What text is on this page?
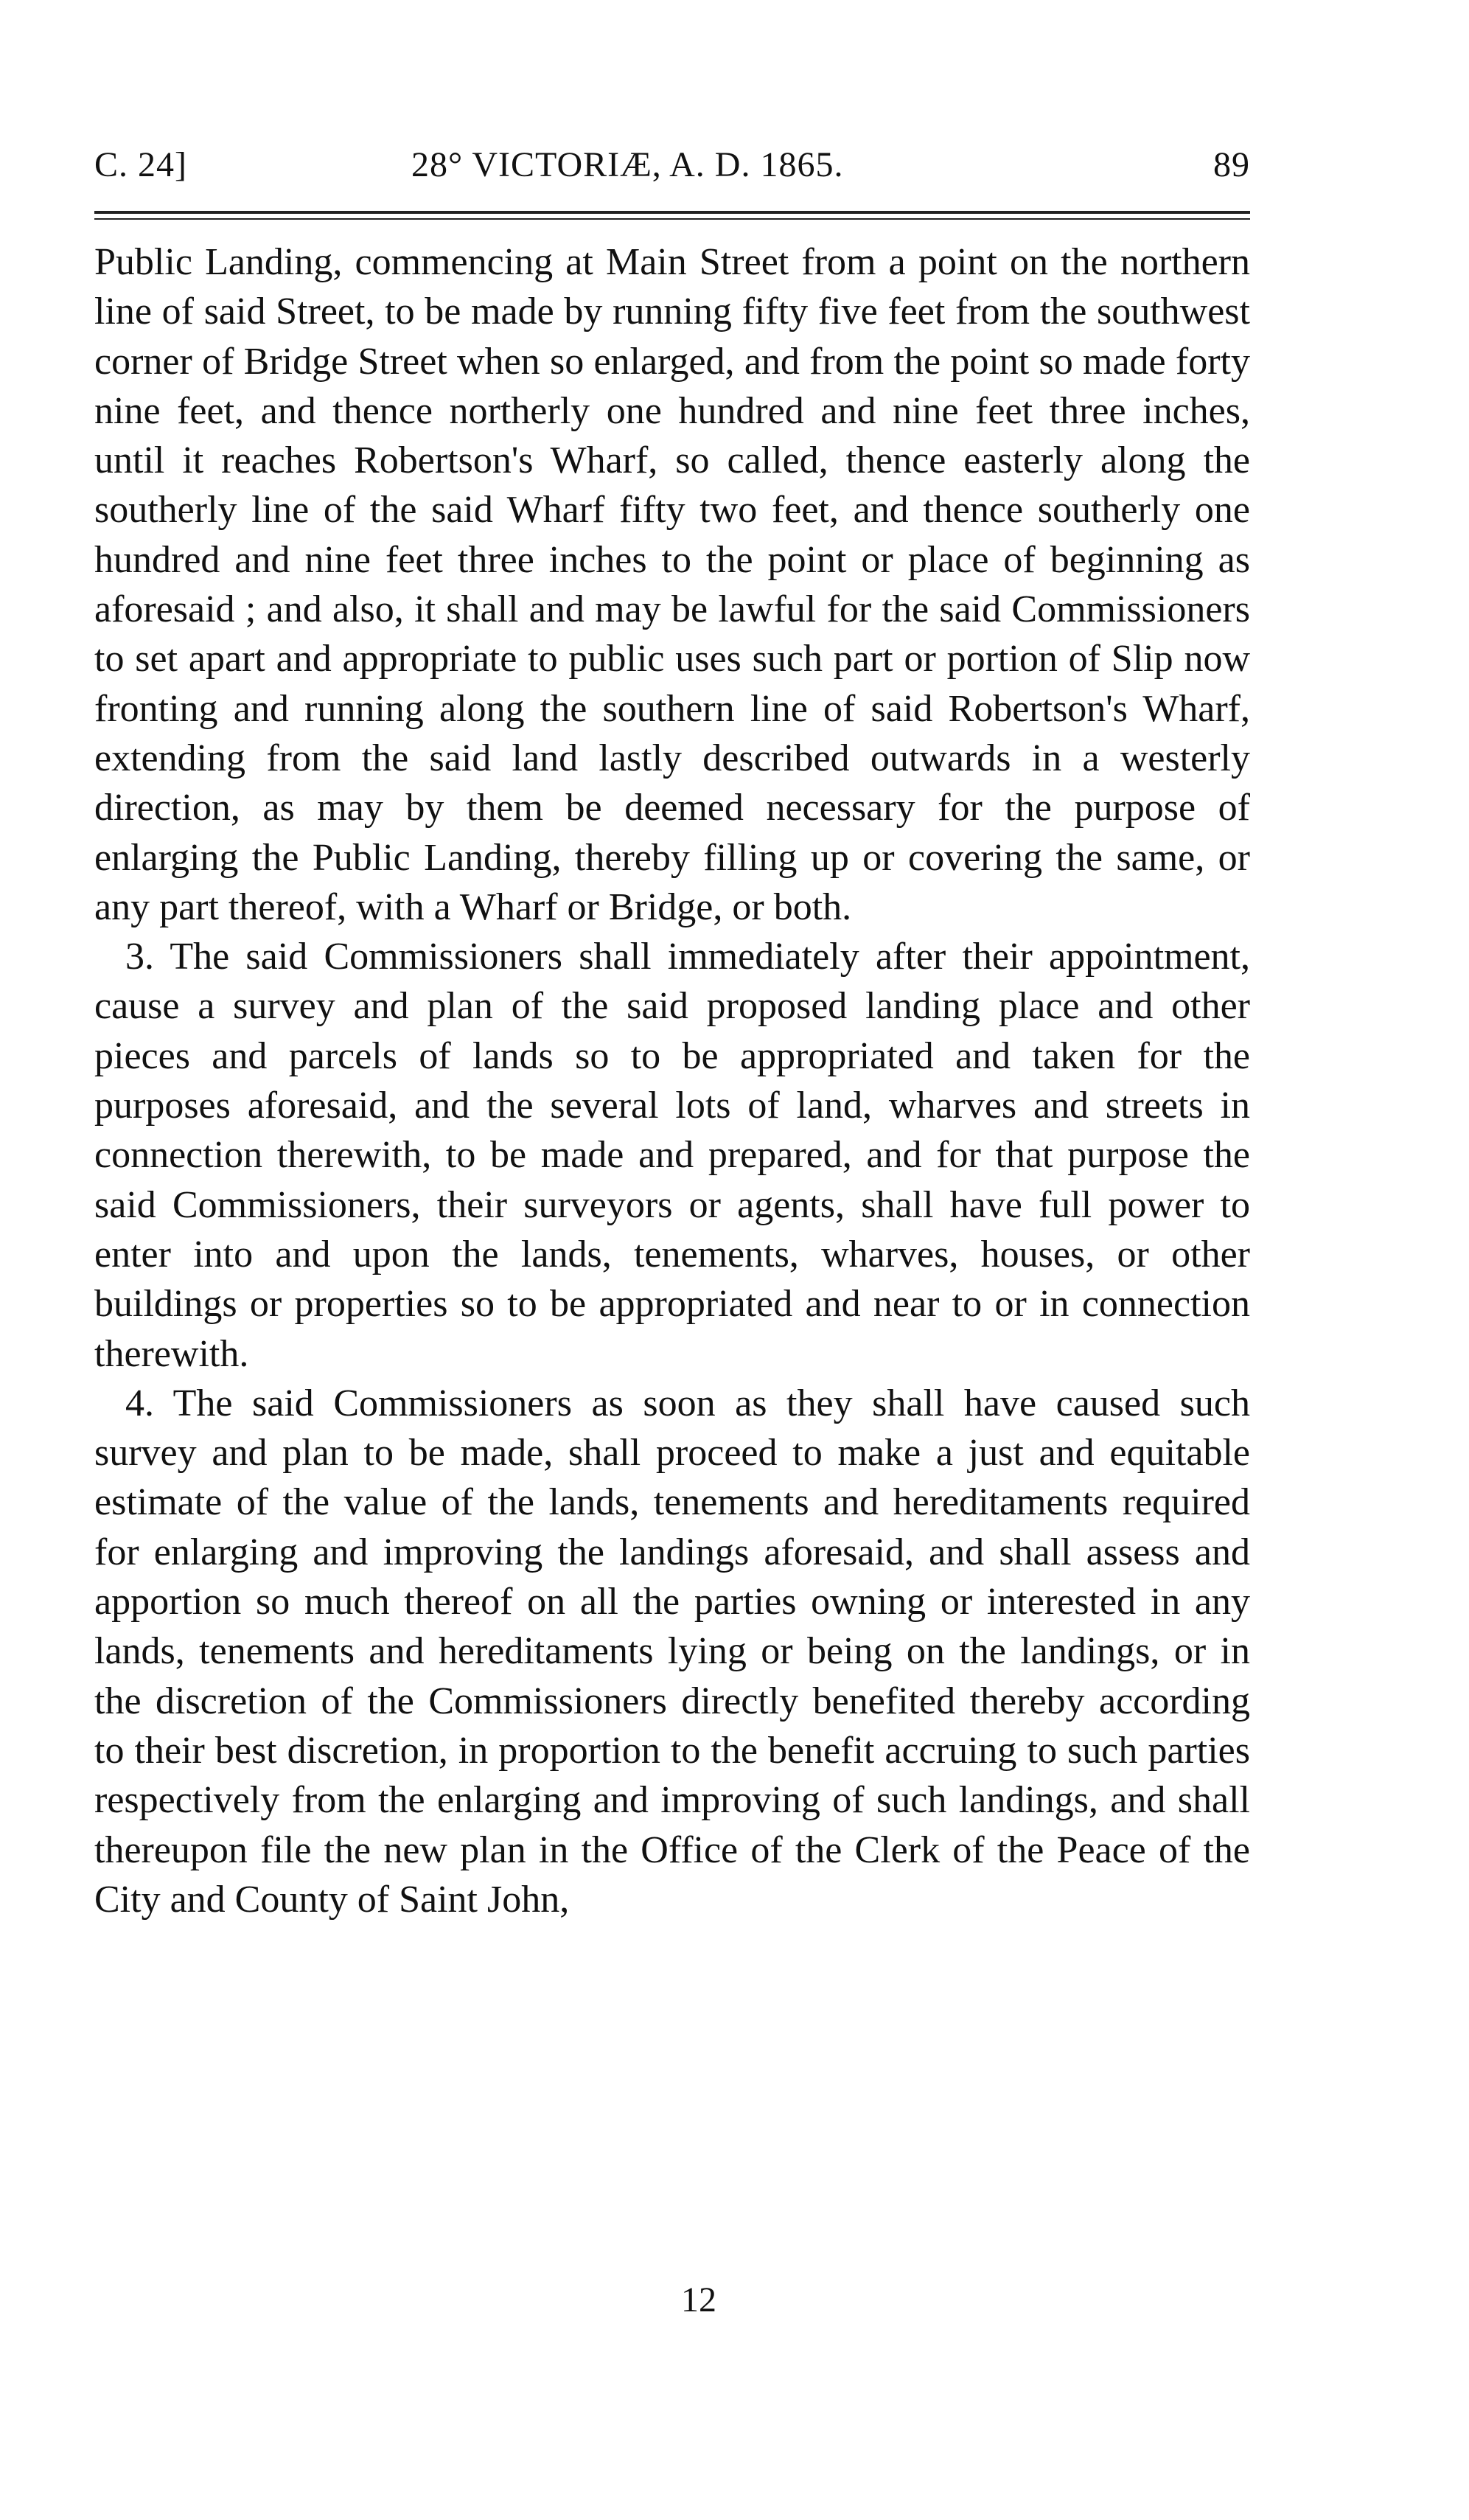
C. 24]	28° VICTORIÆ, A. D. 1865.	89

Public Landing, commencing at Main Street from a point on the northern line of said Street, to be made by running fifty five feet from the southwest corner of Bridge Street when so enlarged, and from the point so made forty nine feet, and thence northerly one hundred and nine feet three inches, until it reaches Robertson's Wharf, so called, thence easterly along the southerly line of the said Wharf fifty two feet, and thence southerly one hundred and nine feet three inches to the point or place of beginning as aforesaid ; and also, it shall and may be lawful for the said Commissioners to set apart and appropriate to public uses such part or portion of Slip now fronting and running along the southern line of said Robertson's Wharf, extending from the said land lastly described outwards in a westerly direction, as may by them be deemed necessary for the purpose of enlarging the Public Landing, thereby filling up or covering the same, or any part thereof, with a Wharf or Bridge, or both.

3. The said Commissioners shall immediately after their appointment, cause a survey and plan of the said proposed landing place and other pieces and parcels of lands so to be appropriated and taken for the purposes aforesaid, and the several lots of land, wharves and streets in connection therewith, to be made and prepared, and for that purpose the said Commissioners, their surveyors or agents, shall have full power to enter into and upon the lands, tenements, wharves, houses, or other buildings or properties so to be appropriated and near to or in connection therewith.

4. The said Commissioners as soon as they shall have caused such survey and plan to be made, shall proceed to make a just and equitable estimate of the value of the lands, tenements and hereditaments required for enlarging and improving the landings aforesaid, and shall assess and apportion so much thereof on all the parties owning or interested in any lands, tenements and hereditaments lying or being on the landings, or in the discretion of the Commissioners directly benefited thereby according to their best discretion, in proportion to the benefit accruing to such parties respectively from the enlarging and improving of such landings, and shall thereupon file the new plan in the Office of the Clerk of the Peace of the City and County of Saint John,

12
